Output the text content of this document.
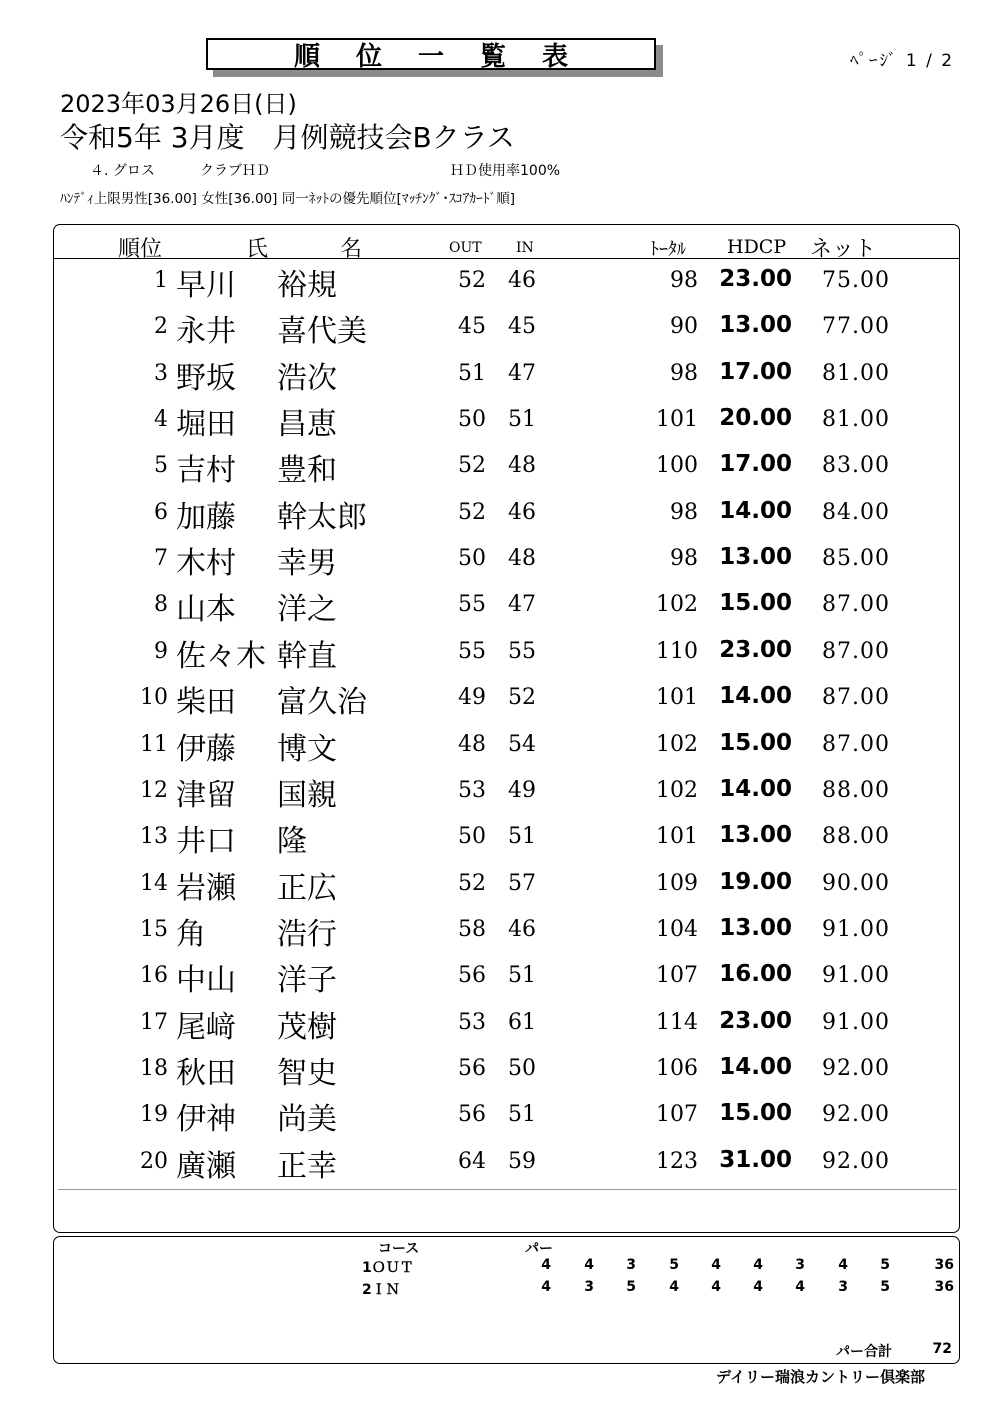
順位一覧表	ﾍﾟｰｼﾞ 1 / 2
2023年03月26日(日)
令和5年 3月度　月例競技会Bクラス
４. グロス	クラブＨＤ	ＨＤ使用率100%
ﾊﾝﾃﾞｨ上限男性[36.00] 女性[36.00] 同一ﾈｯﾄの優先順位[ﾏｯﾁﾝｸﾞ･ｽｺｱｶｰﾄﾞ順]
順位	氏	名	OUT IN	ﾄｰﾀﾙ HDCP ネット
1 早川 裕規	52	46	98 23.00	75.00
2 永井 喜代美	45	45	90 13.00	77.00
3 野坂 浩次	51	47	98 17.00	81.00
4 堀田 昌恵	50	51	101 20.00	81.00
5 吉村 豊和	52	48	100 17.00	83.00
6 加藤 幹太郎	52	46	98 14.00	84.00
7 木村 幸男	50	48	98 13.00	85.00
8 山本 洋之	55	47	102 15.00	87.00
9 佐々木 幹直	55	55	110 23.00	87.00
10 柴田 富久治	49	52	101 14.00	87.00
11 伊藤 博文	48	54	102 15.00	87.00
12 津留 国親	53	49	102 14.00	88.00
13 井口 隆	50	51	101 13.00	88.00
14 岩瀬 正広	52	57	109 19.00	90.00
15 角 浩行	58	46	104 13.00	91.00
16 中山 洋子	56	51	107 16.00	91.00
17 尾﨑 茂樹	53	61	114 23.00	91.00
18 秋田 智史	56	50	106 14.00	92.00
19 伊神 尚美	56	51	107 15.00	92.00
20 廣瀬 正幸	64	59	123 31.00	92.00
コース	パー
1ＯＵＴ	4	4	3	5	4	4	3	4	5	36
2ＩＮ	4	3	5	4	4	4	4	3	5	36
パー合計	72
デイリー瑞浪カントリー倶楽部
